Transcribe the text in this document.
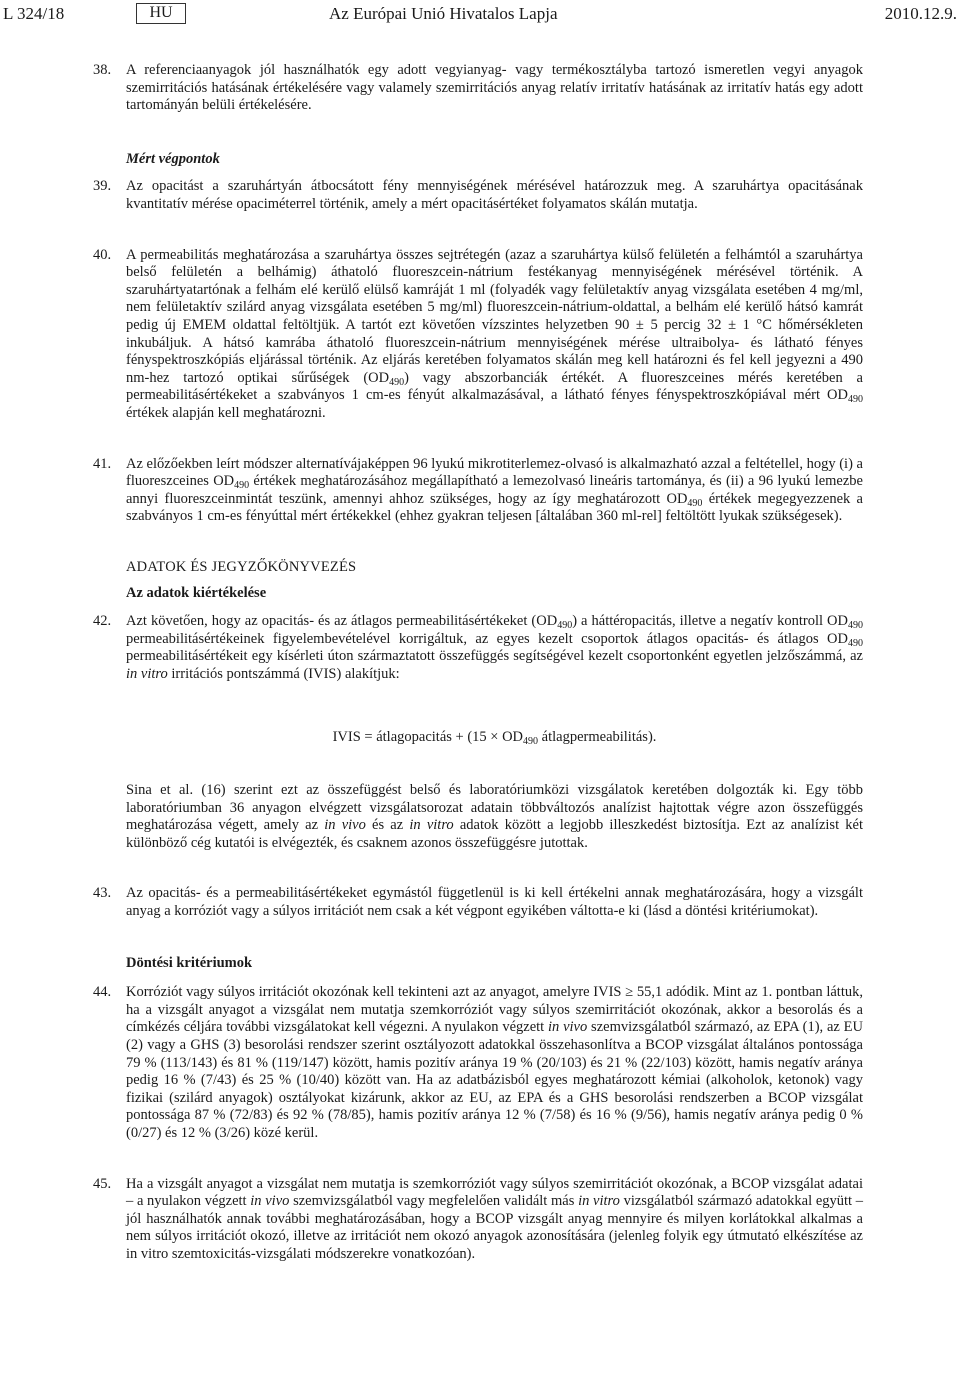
L 324/18	HU	Az Európai Unió Hivatalos Lapja	2010.12.9.
38. A referenciaanyagok jól használhatók egy adott vegyianyag- vagy termékosztályba tartozó ismeretlen vegyi anyagok szemirritációs hatásának értékelésére vagy valamely szemirritációs anyag relatív irritatív hatásának az irritatív hatás egy adott tartományán belüli értékelésére.
Mért végpontok
39. Az opacitást a szaruhártyán átbocsátott fény mennyiségének mérésével határozzuk meg. A szaruhártya opacitásának kvantitatív mérése opaciméterrel történik, amely a mért opacitásértéket folyamatos skálán mutatja.
40. A permeabilitás meghatározása a szaruhártya összes sejtrétegén (azaz a szaruhártya külső felületén a felhámtól a szaruhártya belső felületén a belhámig) áthatoló fluoreszcein-nátrium festékanyag mennyiségének mérésével történik. A szaruhártyatartónak a felhám elé kerülő elülső kamráját 1 ml (folyadék vagy felületaktív anyag vizsgálata esetében 4 mg/ml, nem felületaktív szilárd anyag vizsgálata esetében 5 mg/ml) fluoreszcein-nátrium-oldattal, a belhám elé kerülő hátsó kamrát pedig új EMEM oldattal feltöltjük. A tartót ezt követően vízszintes helyzetben 90 ± 5 percig 32 ± 1 °C hőmérsékleten inkubáljuk. A hátsó kamrába áthatoló fluoreszcein-nátrium mennyiségének mérése ultraibolya- és látható fényes fényspektroszkópiás eljárással történik. Az eljárás keretében folyamatos skálán meg kell határozni és fel kell jegyezni a 490 nm-hez tartozó optikai sűrűségek $(OD_{490})$ vagy abszorbanciák értékét. A fluoreszceines mérés keretében a permeabilitásértékeket a szabványos 1 cm-es fényút alkalmazásával, a látható fényes fényspektroszkópiával mért $OD_{490}$ értékek alapján kell meghatározni.
41. Az előzőekben leírt módszer alternatívájaképpen 96 lyukú mikrotiterlemez-olvasó is alkalmazható azzal a feltétellel, hogy (i) a fluoreszceines $OD_{490}$ értékek meghatározásához megállapítható a lemezolvasó lineáris tartománya, és (ii) a 96 lyukú lemezbe annyi fluoreszceinmintát teszünk, amennyi ahhoz szükséges, hogy az így meghatározott $OD_{490}$ értékek megegyezzenek a szabványos 1 cm-es fényúttal mért értékekkel (ehhez gyakran teljesen [általában 360 ml-rel] feltöltött lyukak szükségesek).
ADATOK ÉS JEGYZŐKÖNYVEZÉS
Az adatok kiértékelése
42. Azt követően, hogy az opacitás- és az átlagos permeabilitásértékeket $(OD_{490})$ a háttéropacitás, illetve a negatív kontroll $OD_{490}$ permeabilitásértékeinek figyelembevételével korrigáltuk, az egyes kezelt csoportok átlagos opacitás- és átlagos $OD_{490}$ permeabilitásértékeit egy kísérleti úton származtatott összefüggés segítségével kezelt csoportonként egyetlen jelzőszámmá, az in vitro irritációs pontszámmá (IVIS) alakítjuk:
IVIS = átlagopacitás + ($15 \times OD_{490}$ átlagpermeabilitás).
Sina et al. (16) szerint ezt az összefüggést belső és laboratóriumközi vizsgálatok keretében dolgozták ki. Egy több laboratóriumban 36 anyagon elvégzett vizsgálatsorozat adatain többváltozós analízist hajtottak végre azon összefüggés meghatározása végett, amely az in vivo és az in vitro adatok között a legjobb illeszkedést biztosítja. Ezt az analízist két különböző cég kutatói is elvégezték, és csaknem azonos összefüggésre jutottak.
43. Az opacitás- és a permeabilitásértékeket egymástól függetlenül is ki kell értékelni annak meghatározására, hogy a vizsgált anyag a korróziót vagy a súlyos irritációt nem csak a két végpont egyikében váltotta-e ki (lásd a döntési kritériumokat).
Döntési kritériumok
44. Korróziót vagy súlyos irritációt okozónak kell tekinteni azt az anyagot, amelyre IVIS ≥ 55,1 adódik. Mint az 1. pontban láttuk, ha a vizsgált anyagot a vizsgálat nem mutatja szemkorróziót vagy súlyos szemirritációt okozónak, akkor a besorolás és a címkézés céljára további vizsgálatokat kell végezni. A nyulakon végzett in vivo szemvizsgálatból származó, az EPA (1), az EU (2) vagy a GHS (3) besorolási rendszer szerint osztályozott adatokkal összehasonlítva a BCOP vizsgálat általános pontossága 79 % (113/143) és 81 % (119/147) között, hamis pozitív aránya 19 % (20/103) és 21 % (22/103) között, hamis negatív aránya pedig 16 % (7/43) és 25 % (10/40) között van. Ha az adatbázisból egyes meghatározott kémiai (alkoholok, ketonok) vagy fizikai (szilárd anyagok) osztályokat kizárunk, akkor az EU, az EPA és a GHS besorolási rendszerben a BCOP vizsgálat pontossága 87 % (72/83) és 92 % (78/85), hamis pozitív aránya 12 % (7/58) és 16 % (9/56), hamis negatív aránya pedig 0 % (0/27) és 12 % (3/26) közé kerül.
45. Ha a vizsgált anyagot a vizsgálat nem mutatja is szemkorróziót vagy súlyos szemirritációt okozónak, a BCOP vizsgálat adatai – a nyulakon végzett in vivo szemvizsgálatból vagy megfelelően validált más in vitro vizsgálatból származó adatokkal együtt – jól használhatók annak további meghatározásában, hogy a BCOP vizsgált anyag mennyire és milyen korlátokkal alkalmas a nem súlyos irritációt okozó, illetve az irritációt nem okozó anyagok azonosítására (jelenleg folyik egy útmutató elkészítése az in vitro szemtoxicitás-vizsgálati módszerekre vonatkozóan).
